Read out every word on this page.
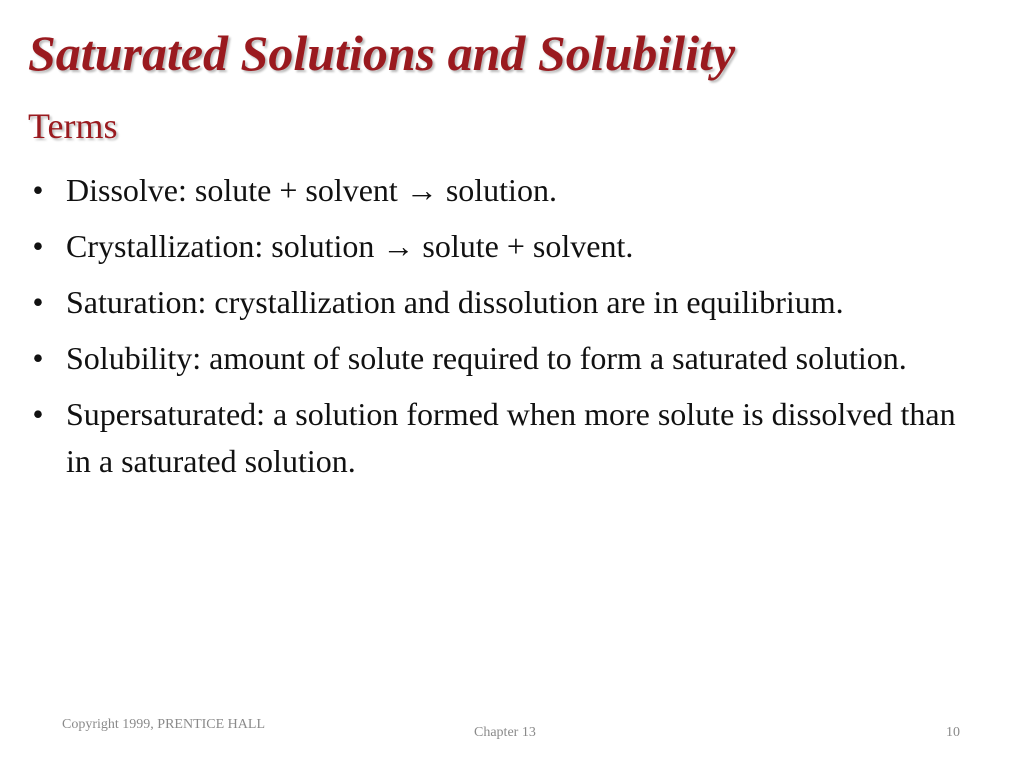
Saturated Solutions and Solubility
Terms
• Dissolve: solute + solvent → solution.
• Crystallization: solution → solute + solvent.
• Saturation: crystallization and dissolution are in equilibrium.
• Solubility: amount of solute required to form a saturated solution.
• Supersaturated: a solution formed when more solute is dissolved than in a saturated solution.
Copyright 1999, PRENTICE HALL
Chapter 13	10
